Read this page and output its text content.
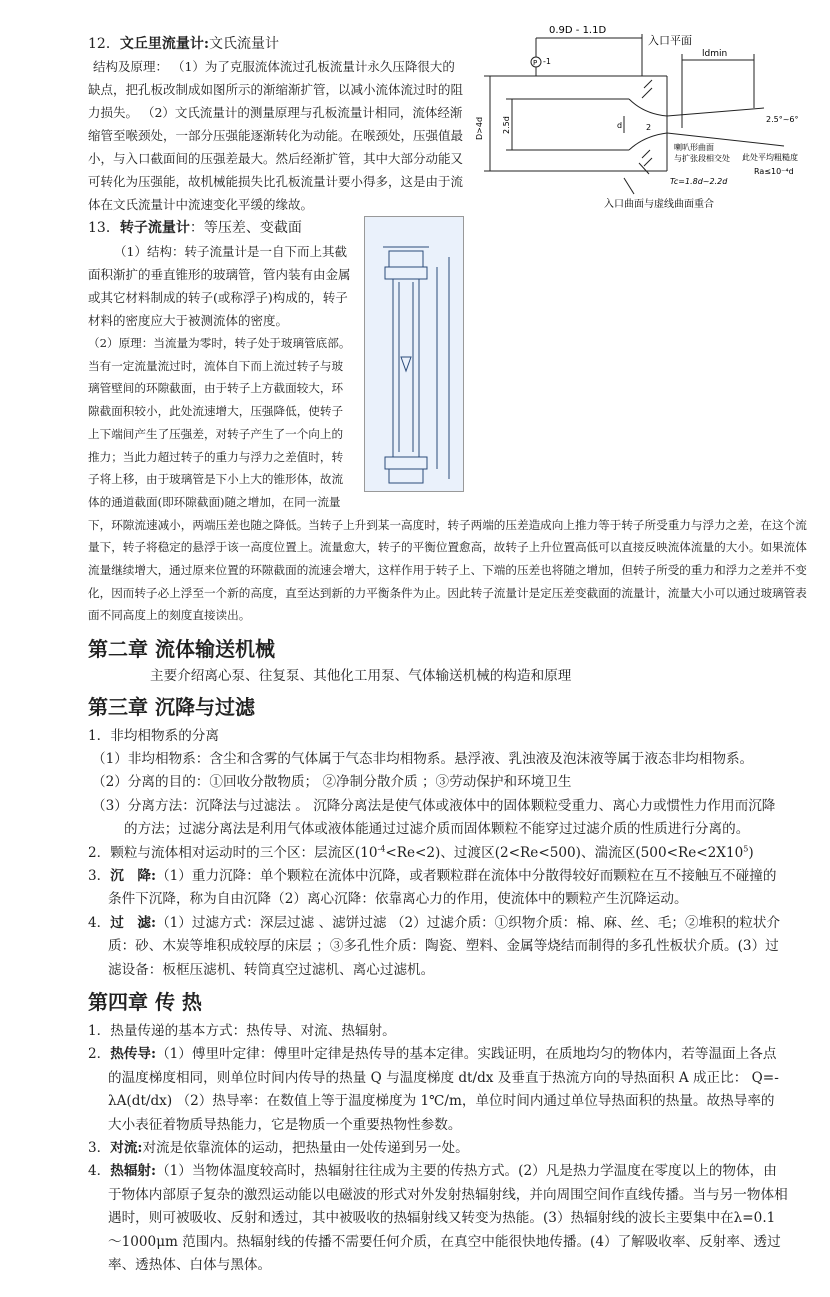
P -1
0.9D - 1.1D
入口平面
ldmin
D>4d 2.5d	d	2
2.5°~6°
喇叭形曲面
与扩张段相交处 此处平均粗糙度
Ra≤10⁻⁴d
Tc=1.8d~2.2d
入口曲面与虚线曲面重合

12．文丘里流量计:文氏流量计

结构及原理： （1）为了克服流体流过孔板流量计永久压降很大的缺点，把孔板改制成如图所示的渐缩渐扩管，以减小流体流过时的阻力损失。 （2）文氏流量计的测量原理与孔板流量计相同，流体经渐缩管至喉颈处，一部分压强能逐渐转化为动能。在喉颈处，压强值最小，与入口截面间的压强差最大。然后经渐扩管，其中大部分动能又可转化为压强能，故机械能损失比孔板流量计要小得多，这是由于流体在文氏流量计中流速变化平缓的缘故。

13．转子流量计：等压差、变截面

（1）结构：转子流量计是一自下而上其截面积渐扩的垂直锥形的玻璃管，管内装有由金属或其它材料制成的转子(或称浮子)构成的，转子材料的密度应大于被测流体的密度。

（2）原理：当流量为零时，转子处于玻璃管底部。当有一定流量流过时，流体自下而上流过转子与玻璃管壁间的环隙截面，由于转子上方截面较大，环隙截面积较小，此处流速增大，压强降低，使转子上下端间产生了压强差，对转子产生了一个向上的推力；当此力超过转子的重力与浮力之差值时，转子将上移，由于玻璃管是下小上大的锥形体，故流体的通道截面(即环隙截面)随之增加，在同一流量下，环隙流速减小，两端压差也随之降低。当转子上升到某一高度时，转子两端的压差造成向上推力等于转子所受重力与浮力之差，在这个流量下，转子将稳定的悬浮于该一高度位置上。流量愈大，转子的平衡位置愈高，故转子上升位置高低可以直接反映流体流量的大小。如果流体流量继续增大，通过原来位置的环隙截面的流速会增大，这样作用于转子上、下端的压差也将随之增加，但转子所受的重力和浮力之差并不变化，因而转子必上浮至一个新的高度，直至达到新的力平衡条件为止。因此转子流量计是定压差变截面的流量计，流量大小可以通过玻璃管表面不同高度上的刻度直接读出。

第二章 流体输送机械
主要介绍离心泵、往复泵、其他化工用泵、气体输送机械的构造和原理
第三章 沉降与过滤

1．非均相物系的分离

（1）非均相物系：含尘和含雾的气体属于气态非均相物系。悬浮液、乳浊液及泡沫液等属于液态非均相物系。

（2）分离的目的：①回收分散物质； ②净制分散介质 ；③劳动保护和环境卫生

（3）分离方法：沉降法与过滤法 。 沉降分离法是使气体或液体中的固体颗粒受重力、离心力或惯性力作用而沉降的方法；过滤分离法是利用气体或液体能通过过滤介质而固体颗粒不能穿过过滤介质的性质进行分离的。

2．颗粒与流体相对运动时的三个区：层流区$(10^{-4}<Re<2)$、过渡区(2<Re<500)、湍流区$(500<Re<2X10^5)$

3．沉　降:（1）重力沉降：单个颗粒在流体中沉降，或者颗粒群在流体中分散得较好而颗粒在互不接触互不碰撞的条件下沉降，称为自由沉降（2）离心沉降：依靠离心力的作用，使流体中的颗粒产生沉降运动。

4．过　滤:（1）过滤方式：深层过滤 、滤饼过滤 （2）过滤介质：①织物介质：棉、麻、丝、毛；②堆积的粒状介质：砂、木炭等堆积成较厚的床层 ；③多孔性介质：陶瓷、塑料、金属等烧结而制得的多孔性板状介质。(3）过滤设备：板框压滤机、转筒真空过滤机、离心过滤机。

第四章 传 热

1．热量传递的基本方式：热传导、对流、热辐射。

2．热传导:（1）傅里叶定律：傅里叶定律是热传导的基本定律。实践证明，在质地均匀的物体内，若等温面上各点的温度梯度相同，则单位时间内传导的热量 Q 与温度梯度 dt/dx 及垂直于热流方向的导热面积 A 成正比： Q=-λA(dt/dx) （2）热导率：在数值上等于温度梯度为 1℃/m，单位时间内通过单位导热面积的热量。故热导率的大小表征着物质导热能力，它是物质一个重要热物性参数。

3．对流:对流是依靠流体的运动，把热量由一处传递到另一处。

4．热辐射:（1）当物体温度较高时，热辐射往往成为主要的传热方式。(2）凡是热力学温度在零度以上的物体，由于物体内部原子复杂的激烈运动能以电磁波的形式对外发射热辐射线，并向周围空间作直线传播。当与另一物体相遇时，则可被吸收、反射和透过，其中被吸收的热辐射线又转变为热能。(3）热辐射线的波长主要集中在λ=0.1～1000μm 范围内。热辐射线的传播不需要任何介质，在真空中能很快地传播。(4）了解吸收率、反射率、透过率、透热体、白体与黑体。
